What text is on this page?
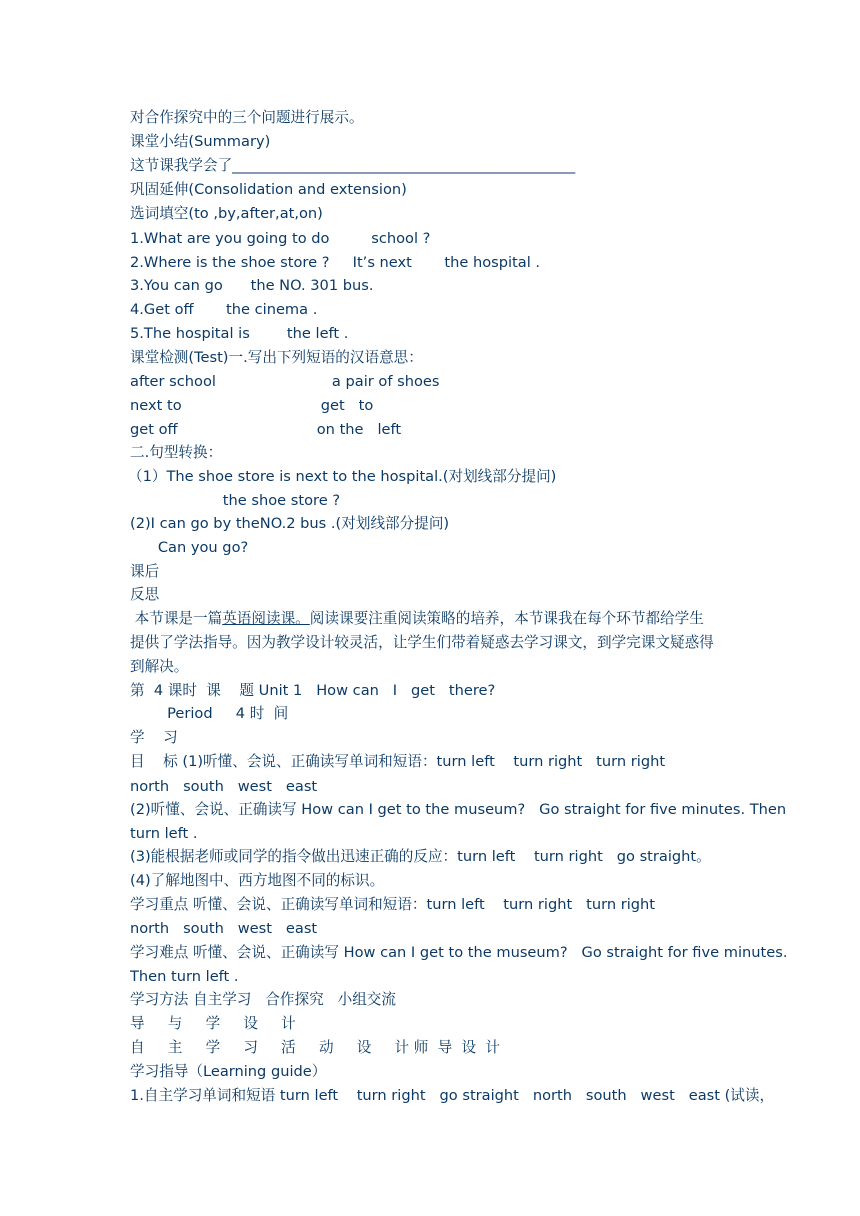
对合作探究中的三个问题进行展示。
课堂小结(Summary)
这节课我学会了_______________________________________________
巩固延伸(Consolidation and extension)
选词填空(to ,by,after,at,on)
1.What are you going to do         school ?
2.Where is the shoe store ?     It’s next       the hospital .
3.You can go      the NO. 301 bus.
4.Get off       the cinema .
5.The hospital is        the left .
课堂检测(Test)一.写出下列短语的汉语意思：
after school                         a pair of shoes
next to                              get   to
get off                              on the   left
二.句型转换：
（1）The shoe store is next to the hospital.(对划线部分提问)
the shoe store ?
(2)I can go by theNO.2 bus .(对划线部分提问)
Can you go?
课后
反思
本节课是一篇英语阅读课。阅读课要注重阅读策略的培养，本节课我在每个环节都给学生
提供了学法指导。因为教学设计较灵活，让学生们带着疑惑去学习课文，到学完课文疑惑得
到解决。
第  4 课时  课    题 Unit 1   How can   I   get   there?
Period     4 时  间
学    习
目    标 (1)听懂、会说、正确读写单词和短语：turn left    turn right   turn right
north   south   west   east
(2)听懂、会说、正确读写 How can I get to the museum?   Go straight for five minutes. Then
turn left .
(3)能根据老师或同学的指令做出迅速正确的反应：turn left    turn right   go straight。
(4)了解地图中、西方地图不同的标识。
学习重点 听懂、会说、正确读写单词和短语：turn left    turn right   turn right
north   south   west   east
学习难点 听懂、会说、正确读写 How can I get to the museum?   Go straight for five minutes.
Then turn left .
学习方法 自主学习   合作探究   小组交流
导     与     学     设     计
自     主     学     习     活     动     设     计 师  导  设  计
学习指导（Learning guide）
1.自主学习单词和短语 turn left    turn right   go straight   north   south   west   east (试读，
